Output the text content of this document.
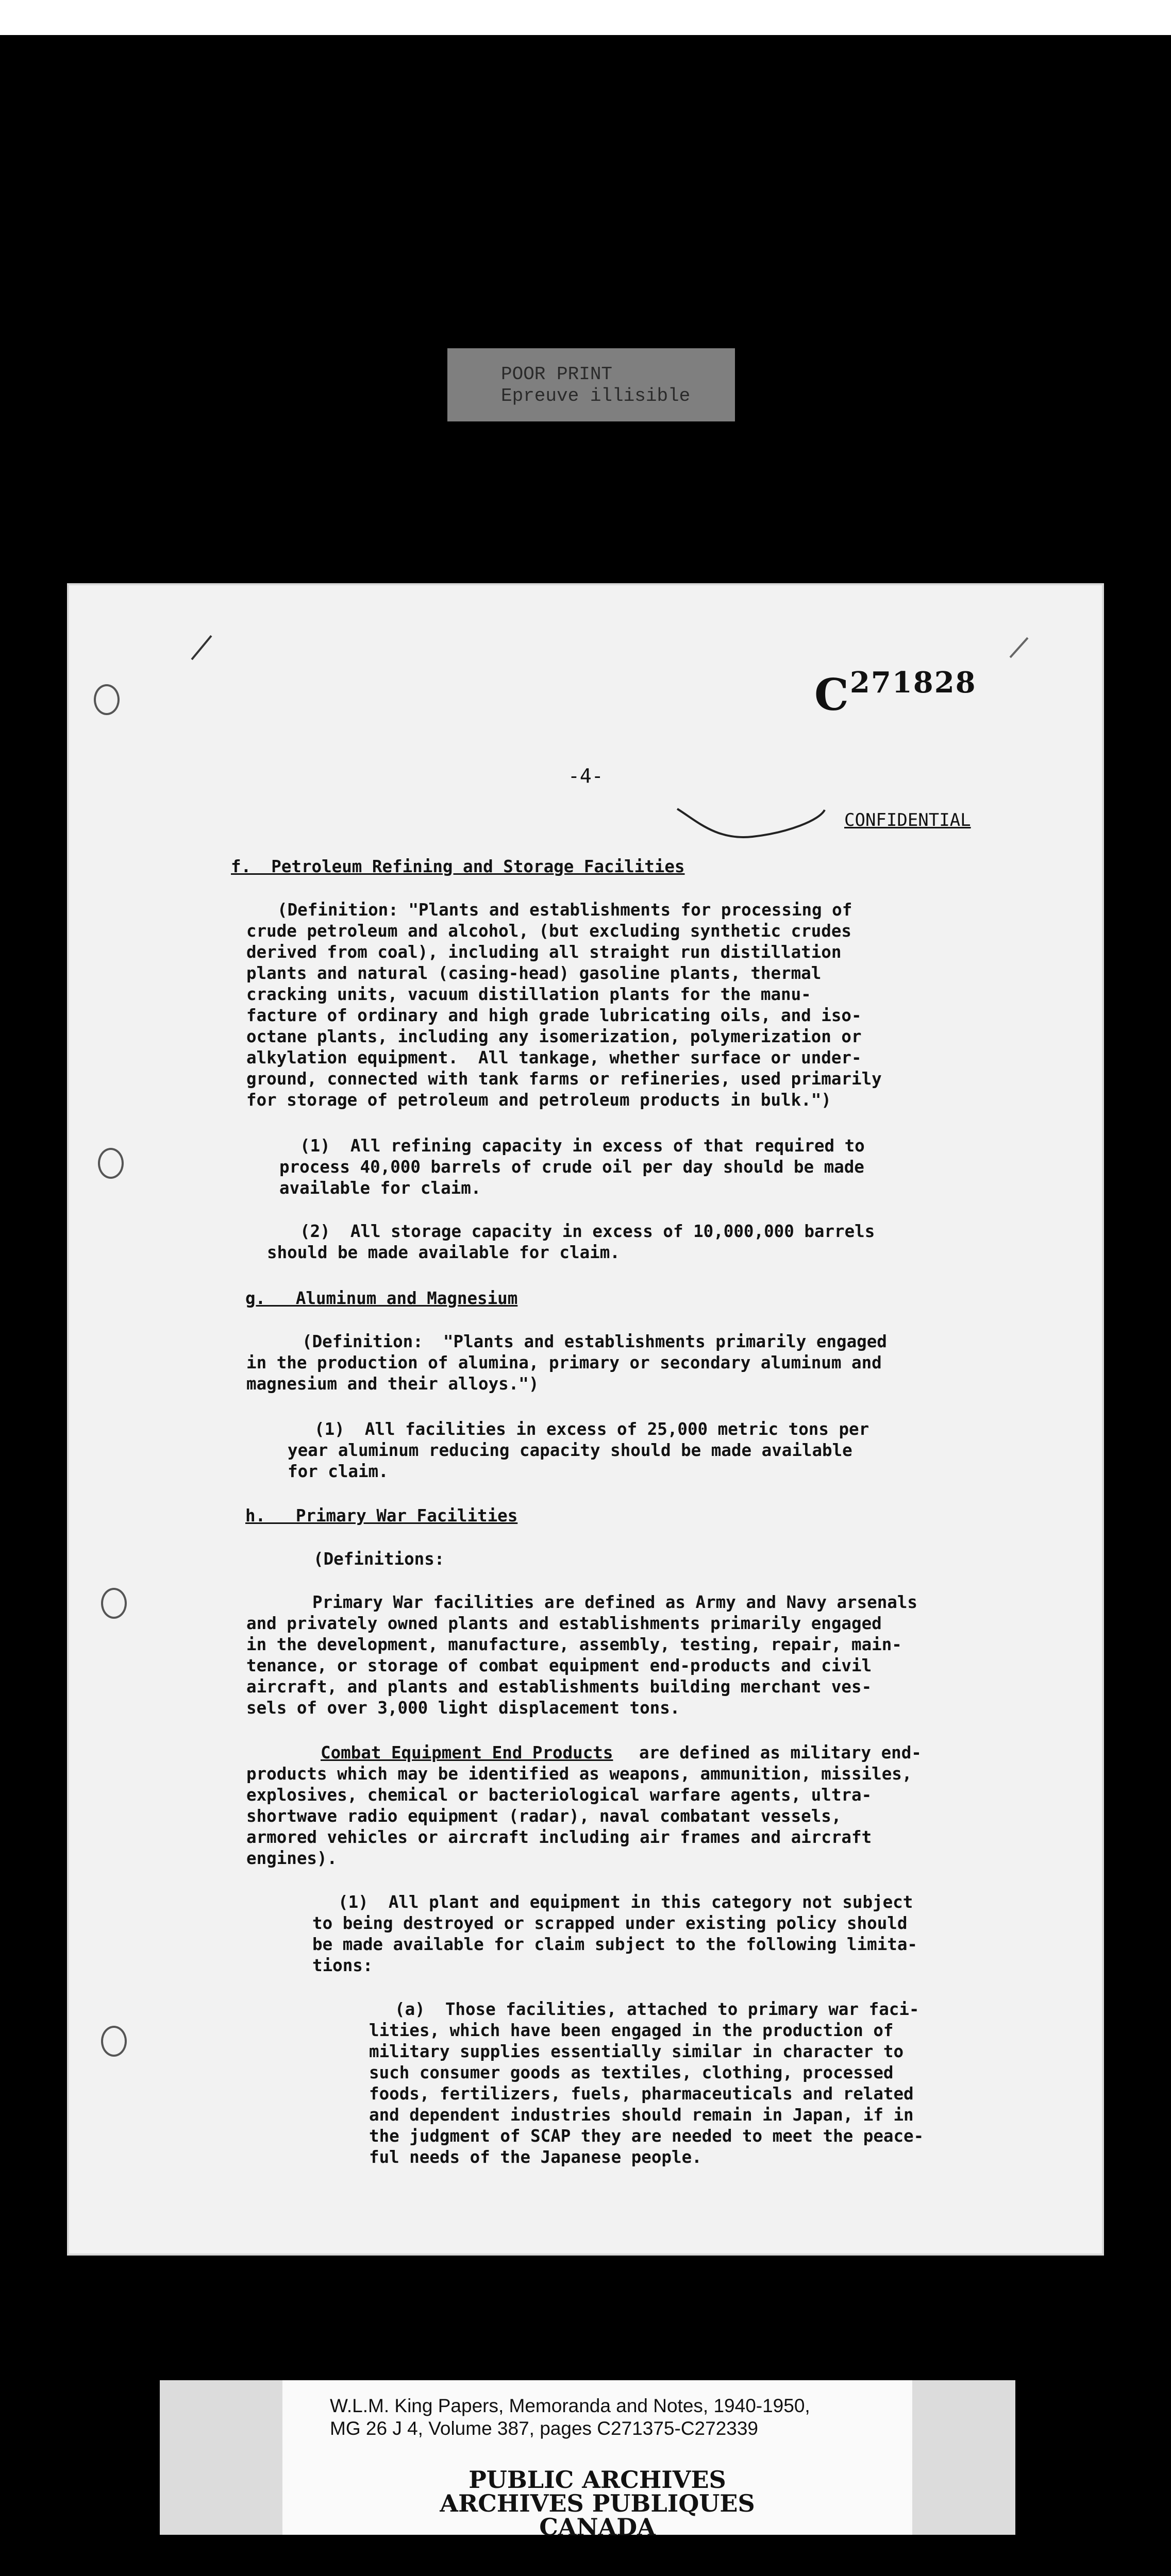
POOR PRINT
Epreuve illisible
$C^{271828}$
-4-
CONFIDENTIAL
f.  Petroleum Refining and Storage Facilities
(Definition: "Plants and establishments for processing of
crude petroleum and alcohol, (but excluding synthetic crudes
derived from coal), including all straight run distillation
plants and natural (casing-head) gasoline plants, thermal
cracking units, vacuum distillation plants for the manu-
facture of ordinary and high grade lubricating oils, and iso-
octane plants, including any isomerization, polymerization or
alkylation equipment.  All tankage, whether surface or under-
ground, connected with tank farms or refineries, used primarily
for storage of petroleum and petroleum products in bulk.")
(1)  All refining capacity in excess of that required to
process 40,000 barrels of crude oil per day should be made
available for claim.
(2)  All storage capacity in excess of 10,000,000 barrels
should be made available for claim.
g.   Aluminum and Magnesium
(Definition:  "Plants and establishments primarily engaged
in the production of alumina, primary or secondary aluminum and
magnesium and their alloys.")
(1)  All facilities in excess of 25,000 metric tons per
year aluminum reducing capacity should be made available
for claim.
h.   Primary War Facilities
(Definitions:
Primary War facilities are defined as Army and Navy arsenals
and privately owned plants and establishments primarily engaged
in the development, manufacture, assembly, testing, repair, main-
tenance, or storage of combat equipment end-products and civil
aircraft, and plants and establishments building merchant ves-
sels of over 3,000 light displacement tons.
Combat Equipment End Products are defined as military end-
products which may be identified as weapons, ammunition, missiles,
explosives, chemical or bacteriological warfare agents, ultra-
shortwave radio equipment (radar), naval combatant vessels,
armored vehicles or aircraft including air frames and aircraft
engines).
(1)  All plant and equipment in this category not subject
to being destroyed or scrapped under existing policy should
be made available for claim subject to the following limita-
tions:
(a)  Those facilities, attached to primary war faci-
lities, which have been engaged in the production of
military supplies essentially similar in character to
such consumer goods as textiles, clothing, processed
foods, fertilizers, fuels, pharmaceuticals and related
and dependent industries should remain in Japan, if in
the judgment of SCAP they are needed to meet the peace-
ful needs of the Japanese people.
W.L.M. King Papers, Memoranda and Notes, 1940-1950,
MG 26 J 4, Volume 387, pages C271375-C272339
PUBLIC ARCHIVES
ARCHIVES PUBLIQUES
CANADA
